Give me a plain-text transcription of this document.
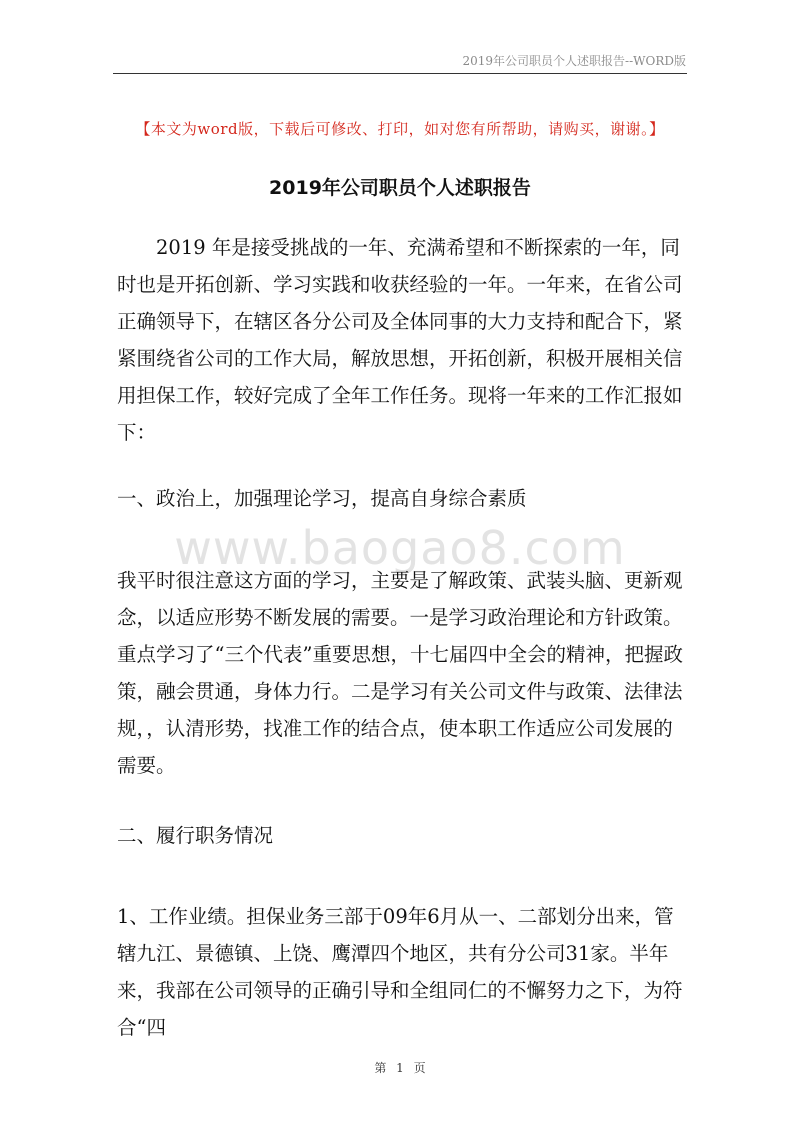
2019年公司职员个人述职报告--WORD版
【本文为word版，下载后可修改、打印，如对您有所帮助，请购买，谢谢。】
2019年公司职员个人述职报告

2019 年是接受挑战的一年、充满希望和不断探索的一年，同时也是开拓创新、学习实践和收获经验的一年。一年来，在省公司正确领导下，在辖区各分公司及全体同事的大力支持和配合下，紧紧围绕省公司的工作大局，解放思想，开拓创新，积极开展相关信用担保工作，较好完成了全年工作任务。现将一年来的工作汇报如下：

一、政治上，加强理论学习，提高自身综合素质

www.baogao8.com

我平时很注意这方面的学习，主要是了解政策、武装头脑、更新观念，以适应形势不断发展的需要。一是学习政治理论和方针政策。重点学习了“三个代表”重要思想，十七届四中全会的精神，把握政策，融会贯通，身体力行。二是学习有关公司文件与政策、法律法规，，认清形势，找准工作的结合点，使本职工作适应公司发展的需要。

二、履行职务情况

1、工作业绩。担保业务三部于09年6月从一、二部划分出来，管辖九江、景德镇、上饶、鹰潭四个地区，共有分公司31家。半年来，我部在公司领导的正确引导和全组同仁的不懈努力之下，为符合“四

第 1 页
